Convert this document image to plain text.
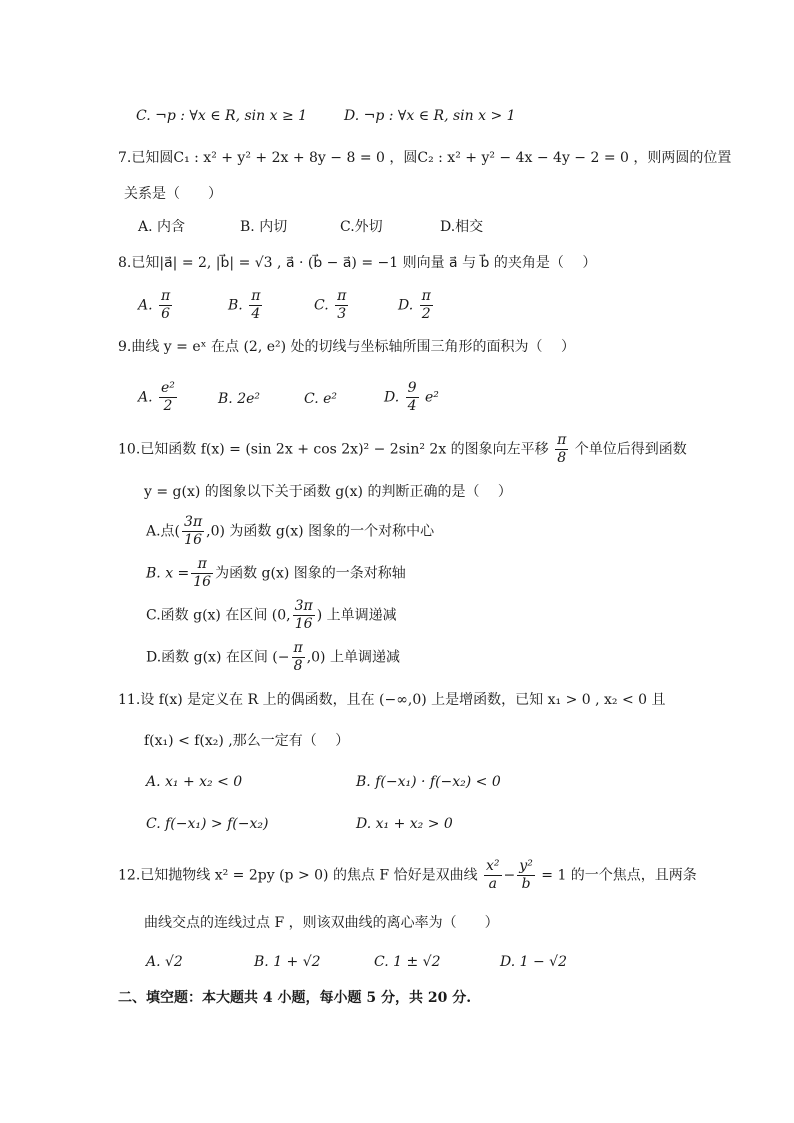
C. ¬p : ∀x ∈ R, sin x ≥ 1	D. ¬p : ∀x ∈ R, sin x > 1
7.已知圆C₁ : x² + y² + 2x + 8y − 8 = 0 ，圆C₂ : x² + y² − 4x − 4y − 2 = 0 ，则两圆的位置
关系是（　　）
A. 内含	B. 内切	C.外切	D.相交
8.已知|a⃗| = 2, |b⃗| = √3 , a⃗ · (b⃗ − a⃗) = −1 则向量 a⃗ 与 b⃗ 的夹角是（　 ）
A. $\frac{\pi}{6}$	B. $\frac{\pi}{4}$	C. $\frac{\pi}{3}$	D. $\frac{\pi}{2}$
9.曲线 y = eˣ 在点 (2, e²) 处的切线与坐标轴所围三角形的面积为（　 ）
A. $\frac{\text{e²}}{2}$	B. 2e²	C. e²	D. $\frac{9}{4} e^2$
10.已知函数 f(x) = (sin 2x + cos 2x)² − 2sin² 2x 的图象向左平移 $\frac{\pi}{8}$ 个单位后得到函数
y = g(x) 的图象以下关于函数 g(x) 的判断正确的是（　 ）
A.点( $\frac{3\pi}{16} ,0$) 为函数 g(x) 图象的一个对称中心
B. $x = \frac{\pi}{16}$ 为函数 g(x) 图象的一条对称轴
C.函数 g(x) 在区间 (0, $\frac{3\pi}{16}$ ) 上单调递减
D.函数 g(x) 在区间 (− $\frac{\pi}{8} ,0$) 上单调递减
11.设 f(x) 是定义在 R 上的偶函数，且在 (−∞,0) 上是增函数，已知 x₁ > 0 , x₂ < 0 且
f(x₁) < f(x₂) ,那么一定有（　 ）
A. x₁ + x₂ < 0	B. f(−x₁) · f(−x₂) < 0
C. f(−x₁) > f(−x₂)	D. x₁ + x₂ > 0
12.已知抛物线 x² = 2py (p > 0) 的焦点 F 恰好是双曲线 $\frac{\text{x²}}{a} - \frac{\text{y²}}{b} = 1$ 的一个焦点，且两条
曲线交点的连线过点 F ，则该双曲线的离心率为（　　）
A. √2	B. 1 + √2	C. 1 ± √2	D. 1 − √2
二、填空题：本大题共 4 小题，每小题 5 分，共 20 分.
